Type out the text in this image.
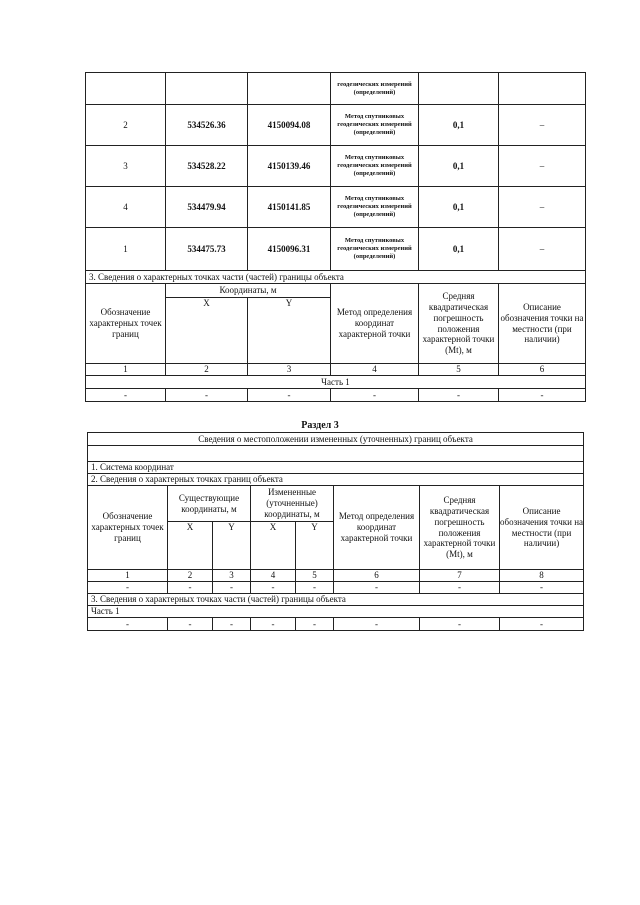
			геодезических измерений (определений)		
2	534526.36	4150094.08	Метод спутниковых геодезических измерений (определений)	0,1	–
3	534528.22	4150139.46	Метод спутниковых геодезических измерений (определений)	0,1	–
4	534479.94	4150141.85	Метод спутниковых геодезических измерений (определений)	0,1	–
1	534475.73	4150096.31	Метод спутниковых геодезических измерений (определений)	0,1	–
3. Сведения о характерных точках части (частей) границы объекта					
Обозначение характерных точек границ	Координаты, м		Метод определения координат характерной точки	Средняя квадратическая погрешность положения характерной точки (Mt), м	Описание обозначения точки на местности (при наличии)
	X	Y			
1	2	3	4	5	6
Часть 1					
-	-	-	-	-	-
Раздел 3
Сведения о местоположении измененных (уточненных) границ объекта							

1. Система координат							
2. Сведения о характерных точках границ объекта							
Обозначение характерных точек границ	Существующие координаты, м		Измененные (уточненные) координаты, м		Метод определения координат характерной точки	Средняя квадратическая погрешность положения характерной точки (Mt), м	Описание обозначения точки на местности (при наличии)
	X	Y	X	Y			
1	2	3	4	5	6	7	8
-	-	-	-	-	-	-	-
3. Сведения о характерных точках части (частей) границы объекта							
Часть 1							
-	-	-	-	-	-	-	-
